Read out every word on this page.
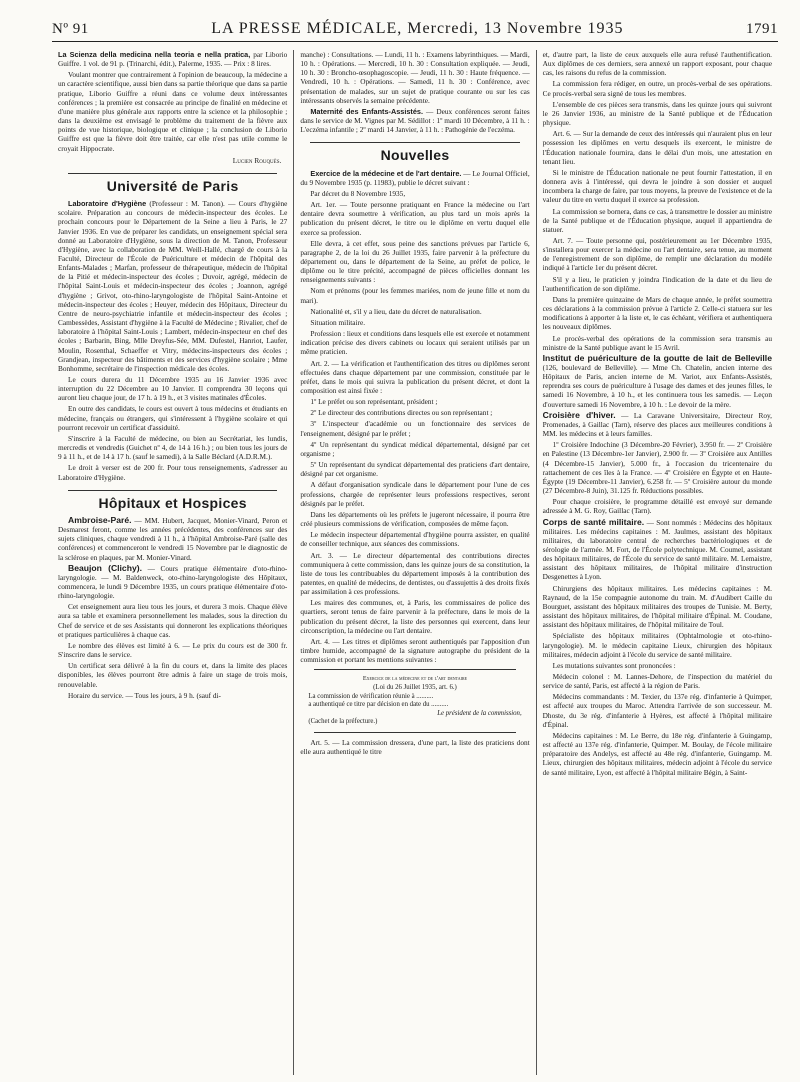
Nº 91	LA PRESSE MÉDICALE, Mercredi, 13 Novembre 1935	1791

La Scienza della medicina nella teoria e nella pratica, par Liborio Guiffre. 1 vol. de 91 p. (Trinarchi, édit.), Palerme, 1935. — Prix : 8 lires.

Voulant montrer que contrairement à l'opinion de beaucoup, la médecine a un caractère scientifique, aussi bien dans sa partie théorique que dans sa partie pratique, Liborio Guiffre a réuni dans ce volume deux intéressantes conférences ; la première est consacrée au principe de finalité en médecine et d'une manière plus générale aux rapports entre la science et la philosophie ; dans la deuxième est envisagé le problème du traitement de la fièvre aux points de vue historique, biologique et clinique ; la conclusion de Liborio Guiffre est que la fièvre doit être traitée, car elle n'est pas utile comme le croyait Hippocrate.

Lucien Rouquès.
Université de Paris

Laboratoire d'Hygiène (Professeur : M. Tanon). — Cours d'hygiène scolaire. Préparation au concours de médecin-inspecteur des écoles. Le prochain concours pour le Département de la Seine a lieu à Paris, le 27 Janvier 1936. En vue de préparer les candidats, un enseignement spécial sera donné au Laboratoire d'Hygiène, sous la direction de M. Tanon, Professeur d'Hygiène, avec la collaboration de MM. Weill-Hallé, chargé de cours à la Faculté, Directeur de l'École de Puériculture et médecin de l'hôpital des Enfants-Malades ; Marfan, professeur de thérapeutique, médecin de l'hôpital de la Pitié et médecin-inspecteur des écoles ; Duvoir, agrégé, médecin de l'hôpital Saint-Louis et médecin-inspecteur des écoles ; Joannon, agrégé d'hygiène ; Grivot, oto-rhino-laryngologiste de l'hôpital Saint-Antoine et médecin-inspecteur des écoles ; Heuyer, médecin des Hôpitaux, Directeur du Centre de neuro-psychiatrie infantile et médecin-inspecteur des écoles ; Cambessèdes, Assistant d'hygiène à la Faculté de Médecine ; Rivalier, chef de laboratoire à l'hôpital Saint-Louis ; Lambert, médecin-inspecteur en chef des écoles ; Barbarin, Bing, Mlle Dreyfus-Sée, MM. Dufestel, Hanriot, Laufer, Moulin, Rosenthal, Schaeffer et Vitry, médecins-inspecteurs des écoles ; Grandjean, inspecteur des bâtiments et des services d'hygiène scolaire ; Mme Bonhomme, secrétaire de l'inspection médicale des écoles.

Le cours durera du 11 Décembre 1935 au 16 Janvier 1936 avec interruption du 22 Décembre au 10 Janvier. Il comprendra 30 leçons qui auront lieu chaque jour, de 17 h. à 19 h., et 3 visites matinales d'Écoles.

En outre des candidats, le cours est ouvert à tous médecins et étudiants en médecine, français ou étrangers, qui s'intéressent à l'hygiène scolaire et qui pourront recevoir un certificat d'assiduité.

S'inscrire à la Faculté de médecine, ou bien au Secrétariat, les lundis, mercredis et vendredis (Guichet nº 4, de 14 à 16 h.) ; ou bien tous les jours de 9 à 11 h., et de 14 à 17 h. (sauf le samedi), à la Salle Béclard (A.D.R.M.).

Le droit à verser est de 200 fr. Pour tous renseignements, s'adresser au Laboratoire d'Hygiène.

Hôpitaux et Hospices

Ambroise-Paré. — MM. Hubert, Jacquet, Monier-Vinard, Peron et Desmarest feront, comme les années précédentes, des conférences sur des sujets cliniques, chaque vendredi à 11 h., à l'hôpital Ambroise-Paré (salle des conférences) et commenceront le vendredi 15 Novembre par le diagnostic de la sclérose en plaques, par M. Monier-Vinard.

Beaujon (Clichy). — Cours pratique élémentaire d'oto-rhino-laryngologie. — M. Baldenweck, oto-rhino-laryngologiste des Hôpitaux, commencera, le lundi 9 Décembre 1935, un cours pratique élémentaire d'oto-rhino-laryngologie.

Cet enseignement aura lieu tous les jours, et durera 3 mois. Chaque élève aura sa table et examinera personnellement les malades, sous la direction du Chef de service et de ses Assistants qui donneront les explications théoriques et pratiques particulières à chaque cas.

Le nombre des élèves est limité à 6. — Le prix du cours est de 300 fr. S'inscrire dans le service.

Un certificat sera délivré à la fin du cours et, dans la limite des places disponibles, les élèves pourront être admis à faire un stage de trois mois, renouvelable.

Horaire du service. — Tous les jours, à 9 h. (sauf di-

manche) : Consultations. — Lundi, 11 h. : Examens labyrinthiques. — Mardi, 10 h. : Opérations. — Mercredi, 10 h. 30 : Consultation expliquée. — Jeudi, 10 h. 30 : Broncho-œsophagoscopie. — Jeudi, 11 h. 30 : Haute fréquence. — Vendredi, 10 h. : Opérations. — Samedi, 11 h. 30 : Conférence, avec présentation de malades, sur un sujet de pratique courante ou sur les cas intéressants observés la semaine précédente.

Maternité des Enfants-Assistés. — Deux conférences seront faites dans le service de M. Vignes par M. Sédillot : 1º mardi 10 Décembre, à 11 h. : L'eczéma infantile ; 2º mardi 14 Janvier, à 11 h. : Pathogénie de l'eczéma.

Nouvelles

Exercice de la médecine et de l'art dentaire. — Le Journal Officiel, du 9 Novembre 1935 (p. 11983), publie le décret suivant :

Par décret du 8 Novembre 1935,

Art. 1er. — Toute personne pratiquant en France la médecine ou l'art dentaire devra soumettre à vérification, au plus tard un mois après la publication du présent décret, le titre ou le diplôme en vertu duquel elle exerce sa profession.

Elle devra, à cet effet, sous peine des sanctions prévues par l'article 6, paragraphe 2, de la loi du 26 Juillet 1935, faire parvenir à la préfecture du département ou, dans le département de la Seine, au préfet de police, le diplôme ou le titre précité, accompagné de pièces officielles donnant les renseignements suivants :

Nom et prénoms (pour les femmes mariées, nom de jeune fille et nom du mari).

Nationalité et, s'il y a lieu, date du décret de naturalisation.

Situation militaire.

Profession : lieux et conditions dans lesquels elle est exercée et notamment indication précise des divers cabinets ou locaux qui seraient utilisés par un même praticien.

Art. 2. — La vérification et l'authentification des titres ou diplômes seront effectuées dans chaque département par une commission, constituée par le préfet, dans le mois qui suivra la publication du présent décret, et dont la composition est ainsi fixée :

1º Le préfet ou son représentant, président ;

2º Le directeur des contributions directes ou son représentant ;

3º L'inspecteur d'académie ou un fonctionnaire des services de l'enseignement, désigné par le préfet ;

4º Un représentant du syndicat médical départemental, désigné par cet organisme ;

5º Un représentant du syndicat départemental des praticiens d'art dentaire, désigné par cet organisme.

A défaut d'organisation syndicale dans le département pour l'une de ces professions, chargée de représenter leurs professions respectives, seront désignés par le préfet.

Dans les départements où les préfets le jugeront nécessaire, il pourra être créé plusieurs commissions de vérification, composées de même façon.

Le médecin inspecteur départemental d'hygiène pourra assister, en qualité de conseiller technique, aux séances des commissions.

Art. 3. — Le directeur départemental des contributions directes communiquera à cette commission, dans les quinze jours de sa constitution, la liste de tous les contribuables du département imposés à la contribution des patentes, en qualité de médecins, de dentistes, ou d'assujettis à des droits fixés par assimilation à ces professions.

Les maires des communes, et, à Paris, les commissaires de police des quartiers, seront tenus de faire parvenir à la préfecture, dans le mois de la publication du présent décret, la liste des personnes qui exercent, dans leur circonscription, la médecine ou l'art dentaire.

Art. 4. — Les titres et diplômes seront authentiqués par l'apposition d'un timbre humide, accompagné de la signature autographe du président de la commission et portant les mentions suivantes :

Exercice de la médecine et de l'art dentaire
(Loi du 26 Juillet 1935, art. 6.)
La commission de vérification réunie à ..........
a authentiqué ce titre par décision en date du ..........
Le président de la commission,
(Cachet de la préfecture.)

Art. 5. — La commission dressera, d'une part, la liste des praticiens dont elle aura authentiqué le titre

et, d'autre part, la liste de ceux auxquels elle aura refusé l'authentification. Aux diplômes de ces derniers, sera annexé un rapport exposant, pour chaque cas, les raisons du refus de la commission.

La commission fera rédiger, en outre, un procès-verbal de ses opérations. Ce procès-verbal sera signé de tous les membres.

L'ensemble de ces pièces sera transmis, dans les quinze jours qui suivront le 26 Janvier 1936, au ministre de la Santé publique et de l'Éducation physique.

Art. 6. — Sur la demande de ceux des intéressés qui n'auraient plus en leur possession les diplômes en vertu desquels ils exercent, le ministre de l'Éducation nationale fournira, dans le délai d'un mois, une attestation en tenant lieu.

Si le ministre de l'Éducation nationale ne peut fournir l'attestation, il en donnera avis à l'intéressé, qui devra le joindre à son dossier et auquel incombera la charge de faire, par tous moyens, la preuve de l'existence et de la valeur du titre en vertu duquel il exerce sa profession.

La commission se bornera, dans ce cas, à transmettre le dossier au ministre de la Santé publique et de l'Éducation physique, auquel il appartiendra de statuer.

Art. 7. — Toute personne qui, postérieurement au 1er Décembre 1935, s'installera pour exercer la médecine ou l'art dentaire, sera tenue, au moment de l'enregistrement de son diplôme, de remplir une déclaration du modèle indiqué à l'article 1er du présent décret.

S'il y a lieu, le praticien y joindra l'indication de la date et du lieu de l'authentification de son diplôme.

Dans la première quinzaine de Mars de chaque année, le préfet soumettra ces déclarations à la commission prévue à l'article 2. Celle-ci statuera sur les modifications à apporter à la liste et, le cas échéant, vérifiera et authentiquera les nouveaux diplômes.

Le procès-verbal des opérations de la commission sera transmis au ministre de la Santé publique avant le 15 Avril.

Institut de puériculture de la goutte de lait de Belleville (126, boulevard de Belleville). — Mme Ch. Chatelin, ancien interne des Hôpitaux de Paris, ancien interne de M. Variot, aux Enfants-Assistés, reprendra ses cours de puériculture à l'usage des dames et des jeunes filles, le samedi 16 Novembre, à 10 h., et les continuera tous les samedis. — Leçon d'ouverture samedi 16 Novembre, à 10 h. : Le devoir de la mère.

Croisière d'hiver. — La Caravane Universitaire, Directeur Roy, Promenades, à Gaillac (Tarn), réserve des places aux meilleures conditions à MM. les médecins et à leurs familles.

1º Croisière Indochine (3 Décembre-20 Février), 3.950 fr. — 2º Croisière en Palestine (13 Décembre-1er Janvier), 2.900 fr. — 3º Croisière aux Antilles (4 Décembre-15 Janvier), 5.000 fr., à l'occasion du tricentenaire du rattachement de ces îles à la France. — 4º Croisière en Égypte et en Haute-Égypte (19 Décembre-11 Janvier), 6.258 fr. — 5º Croisière autour du monde (27 Décembre-8 Juin), 31.125 fr. Réductions possibles.

Pour chaque croisière, le programme détaillé est envoyé sur demande adressée à M. G. Roy, Gaillac (Tarn).

Corps de santé militaire. — Sont nommés : Médecins des hôpitaux militaires. Les médecins capitaines : M. Jaulmes, assistant des hôpitaux militaires, du laboratoire central de recherches bactériologiques et de sérologie de l'armée. M. Fort, de l'École polytechnique. M. Coumel, assistant des hôpitaux militaires, de l'École du service de santé militaire. M. Lemaistre, assistant des hôpitaux militaires, de l'hôpital militaire d'instruction Desgenettes à Lyon.

Chirurgiens des hôpitaux militaires. Les médecins capitaines : M. Raynaud, de la 15e compagnie autonome du train. M. d'Audibert Caille du Bourguet, assistant des hôpitaux militaires des troupes de Tunisie. M. Berty, assistant des hôpitaux militaires, de l'hôpital militaire d'Épinal. M. Coudane, assistant des hôpitaux militaires, de l'hôpital militaire de Toul.

Spécialiste des hôpitaux militaires (Ophtalmologie et oto-rhino-laryngologie). M. le médecin capitaine Lieux, chirurgien des hôpitaux militaires, médecin adjoint à l'école du service de santé militaire.

Les mutations suivantes sont prononcées :

Médecin colonel : M. Lannes-Dehore, de l'inspection du matériel du service de santé, Paris, est affecté à la région de Paris.

Médecins commandants : M. Texier, du 137e rég. d'infanterie à Quimper, est affecté aux troupes du Maroc. Attendra l'arrivée de son successeur. M. Dhoste, du 3e rég. d'infanterie à Hyères, est affecté à l'hôpital militaire d'Épinal.

Médecins capitaines : M. Le Berre, du 18e rég. d'infanterie à Guingamp, est affecté au 137e rég. d'infanterie, Quimper. M. Boulay, de l'école militaire préparatoire des Andelys, est affecté au 48e rég. d'infanterie, Guingamp. M. Lieux, chirurgien des hôpitaux militaires, médecin adjoint à l'école du service de santé militaire, Lyon, est affecté à l'hôpital militaire Bégin, à Saint-
